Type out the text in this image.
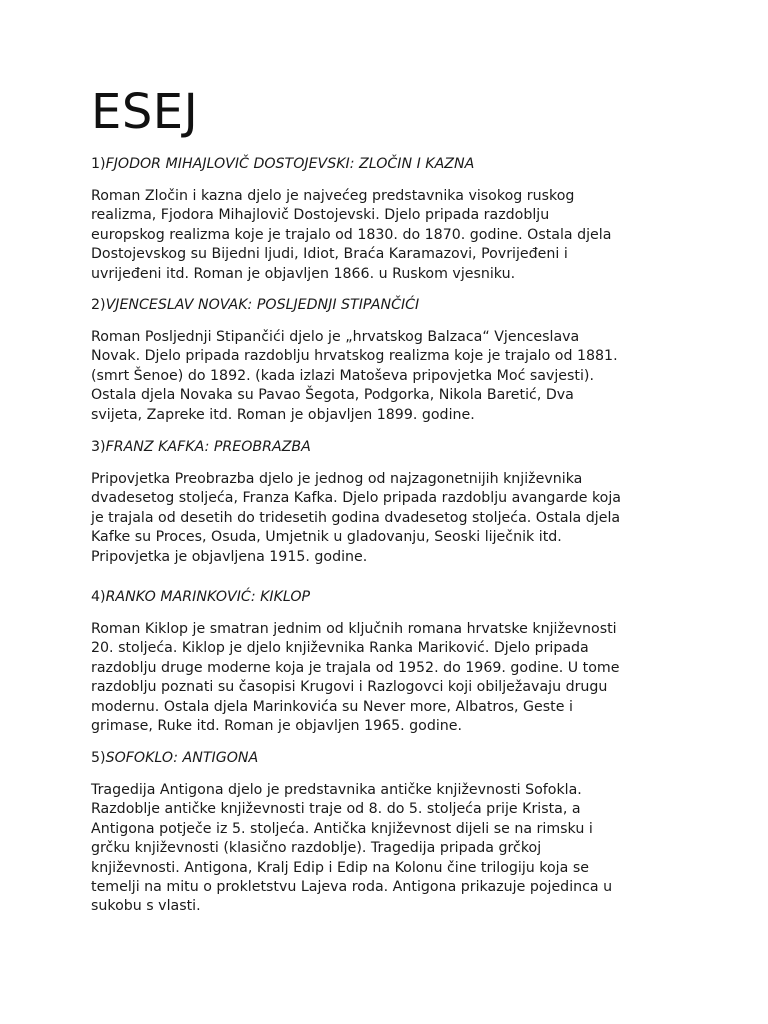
ESEJ

1)FJODOR MIHAJLOVIČ DOSTOJEVSKI: ZLOČIN I KAZNA

Roman Zločin i kazna djelo je najvećeg predstavnika visokog ruskog
realizma, Fjodora Mihajlovič Dostojevski. Djelo pripada razdoblju
europskog realizma koje je trajalo od 1830. do 1870. godine. Ostala djela
Dostojevskog su Bijedni ljudi, Idiot, Braća Karamazovi, Povrijeđeni i
uvrijeđeni itd. Roman je objavljen 1866. u Ruskom vjesniku.

2)VJENCESLAV NOVAK: POSLJEDNJI STIPANČIĆI

Roman Posljednji Stipančići djelo je „hrvatskog Balzaca“ Vjenceslava
Novak. Djelo pripada razdoblju hrvatskog realizma koje je trajalo od 1881.
(smrt Šenoe) do 1892. (kada izlazi Matoševa pripovjetka Moć savjesti).
Ostala djela Novaka su Pavao Šegota, Podgorka, Nikola Baretić, Dva
svijeta, Zapreke itd. Roman je objavljen 1899. godine.

3)FRANZ KAFKA: PREOBRAZBA

Pripovjetka Preobrazba djelo je jednog od najzagonetnijih književnika
dvadesetog stoljeća, Franza Kafka. Djelo pripada razdoblju avangarde koja
je trajala od desetih do tridesetih godina dvadesetog stoljeća. Ostala djela
Kafke su Proces, Osuda, Umjetnik u gladovanju, Seoski liječnik itd.
Pripovjetka je objavljena 1915. godine.

4)RANKO MARINKOVIĆ: KIKLOP

Roman Kiklop je smatran jednim od ključnih romana hrvatske književnosti
20. stoljeća. Kiklop je djelo književnika Ranka Mariković. Djelo pripada
razdoblju druge moderne koja je trajala od 1952. do 1969. godine. U tome
razdoblju poznati su časopisi Krugovi i Razlogovci koji obilježavaju drugu
modernu. Ostala djela Marinkovića su Never more, Albatros, Geste i
grimase, Ruke itd. Roman je objavljen 1965. godine.

5)SOFOKLO: ANTIGONA

Tragedija Antigona djelo je predstavnika antičke književnosti Sofokla.
Razdoblje antičke književnosti traje od 8. do 5. stoljeća prije Krista, a
Antigona potječe iz 5. stoljeća. Antička književnost dijeli se na rimsku i
grčku književnosti (klasično razdoblje). Tragedija pripada grčkoj
književnosti. Antigona, Kralj Edip i Edip na Kolonu čine trilogiju koja se
temelji na mitu o prokletstvu Lajeva roda. Antigona prikazuje pojedinca u
sukobu s vlasti.
